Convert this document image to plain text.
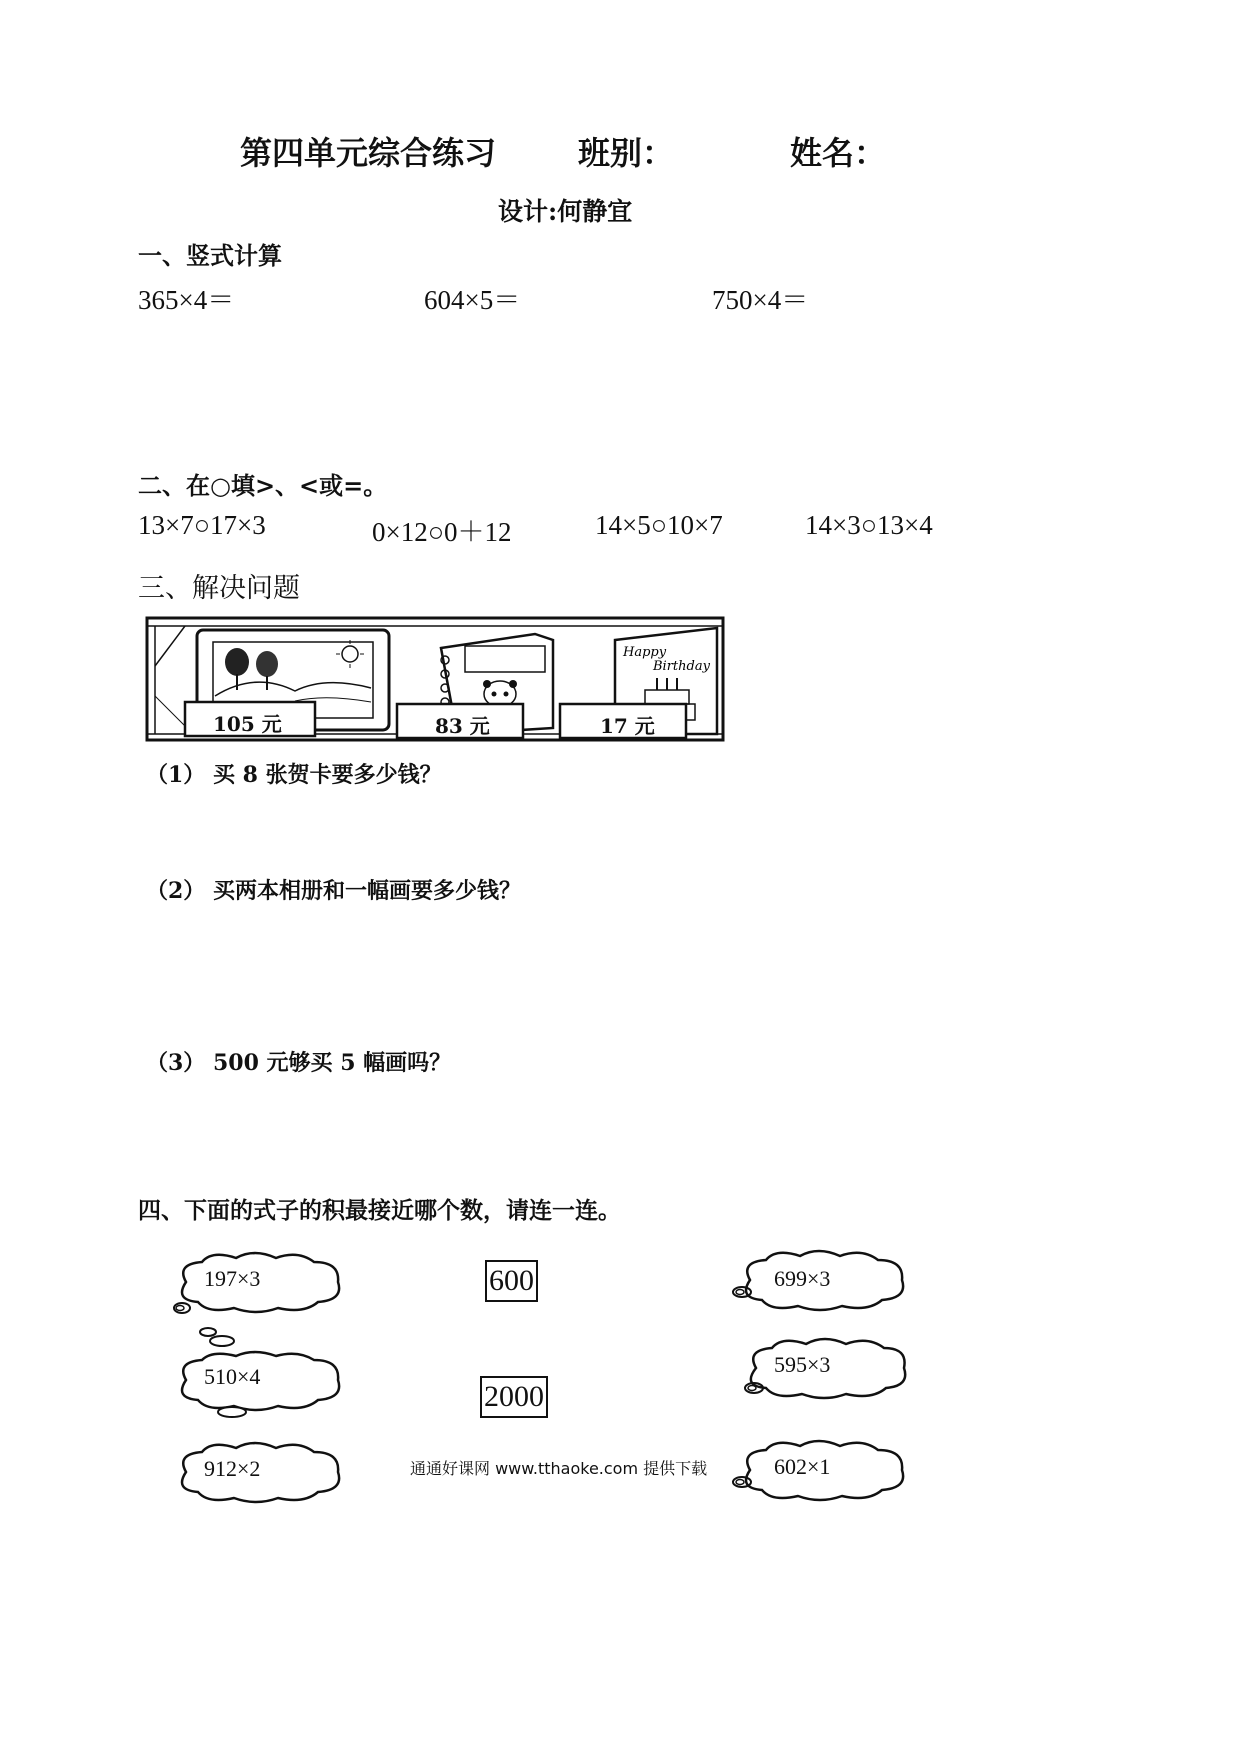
第四单元综合练习	班别：	姓名：
设计:何静宜
一、竖式计算
365×4＝	604×5＝	750×4＝
二、在○填>、<或=。
13×7○17×3	0×12○0＋12	14×5○10×7	14×3○13×4
三、解决问题
Happy
Birthday
105 元	83 元	17 元
（1） 买 8 张贺卡要多少钱？
（2） 买两本相册和一幅画要多少钱？
（3） 500 元够买 5 幅画吗？
四、下面的式子的积最接近哪个数，请连一连。
197×3
510×4
912×2
600
2000
699×3
595×3
602×1
通通好课网 www.tthaoke.com 提供下载
